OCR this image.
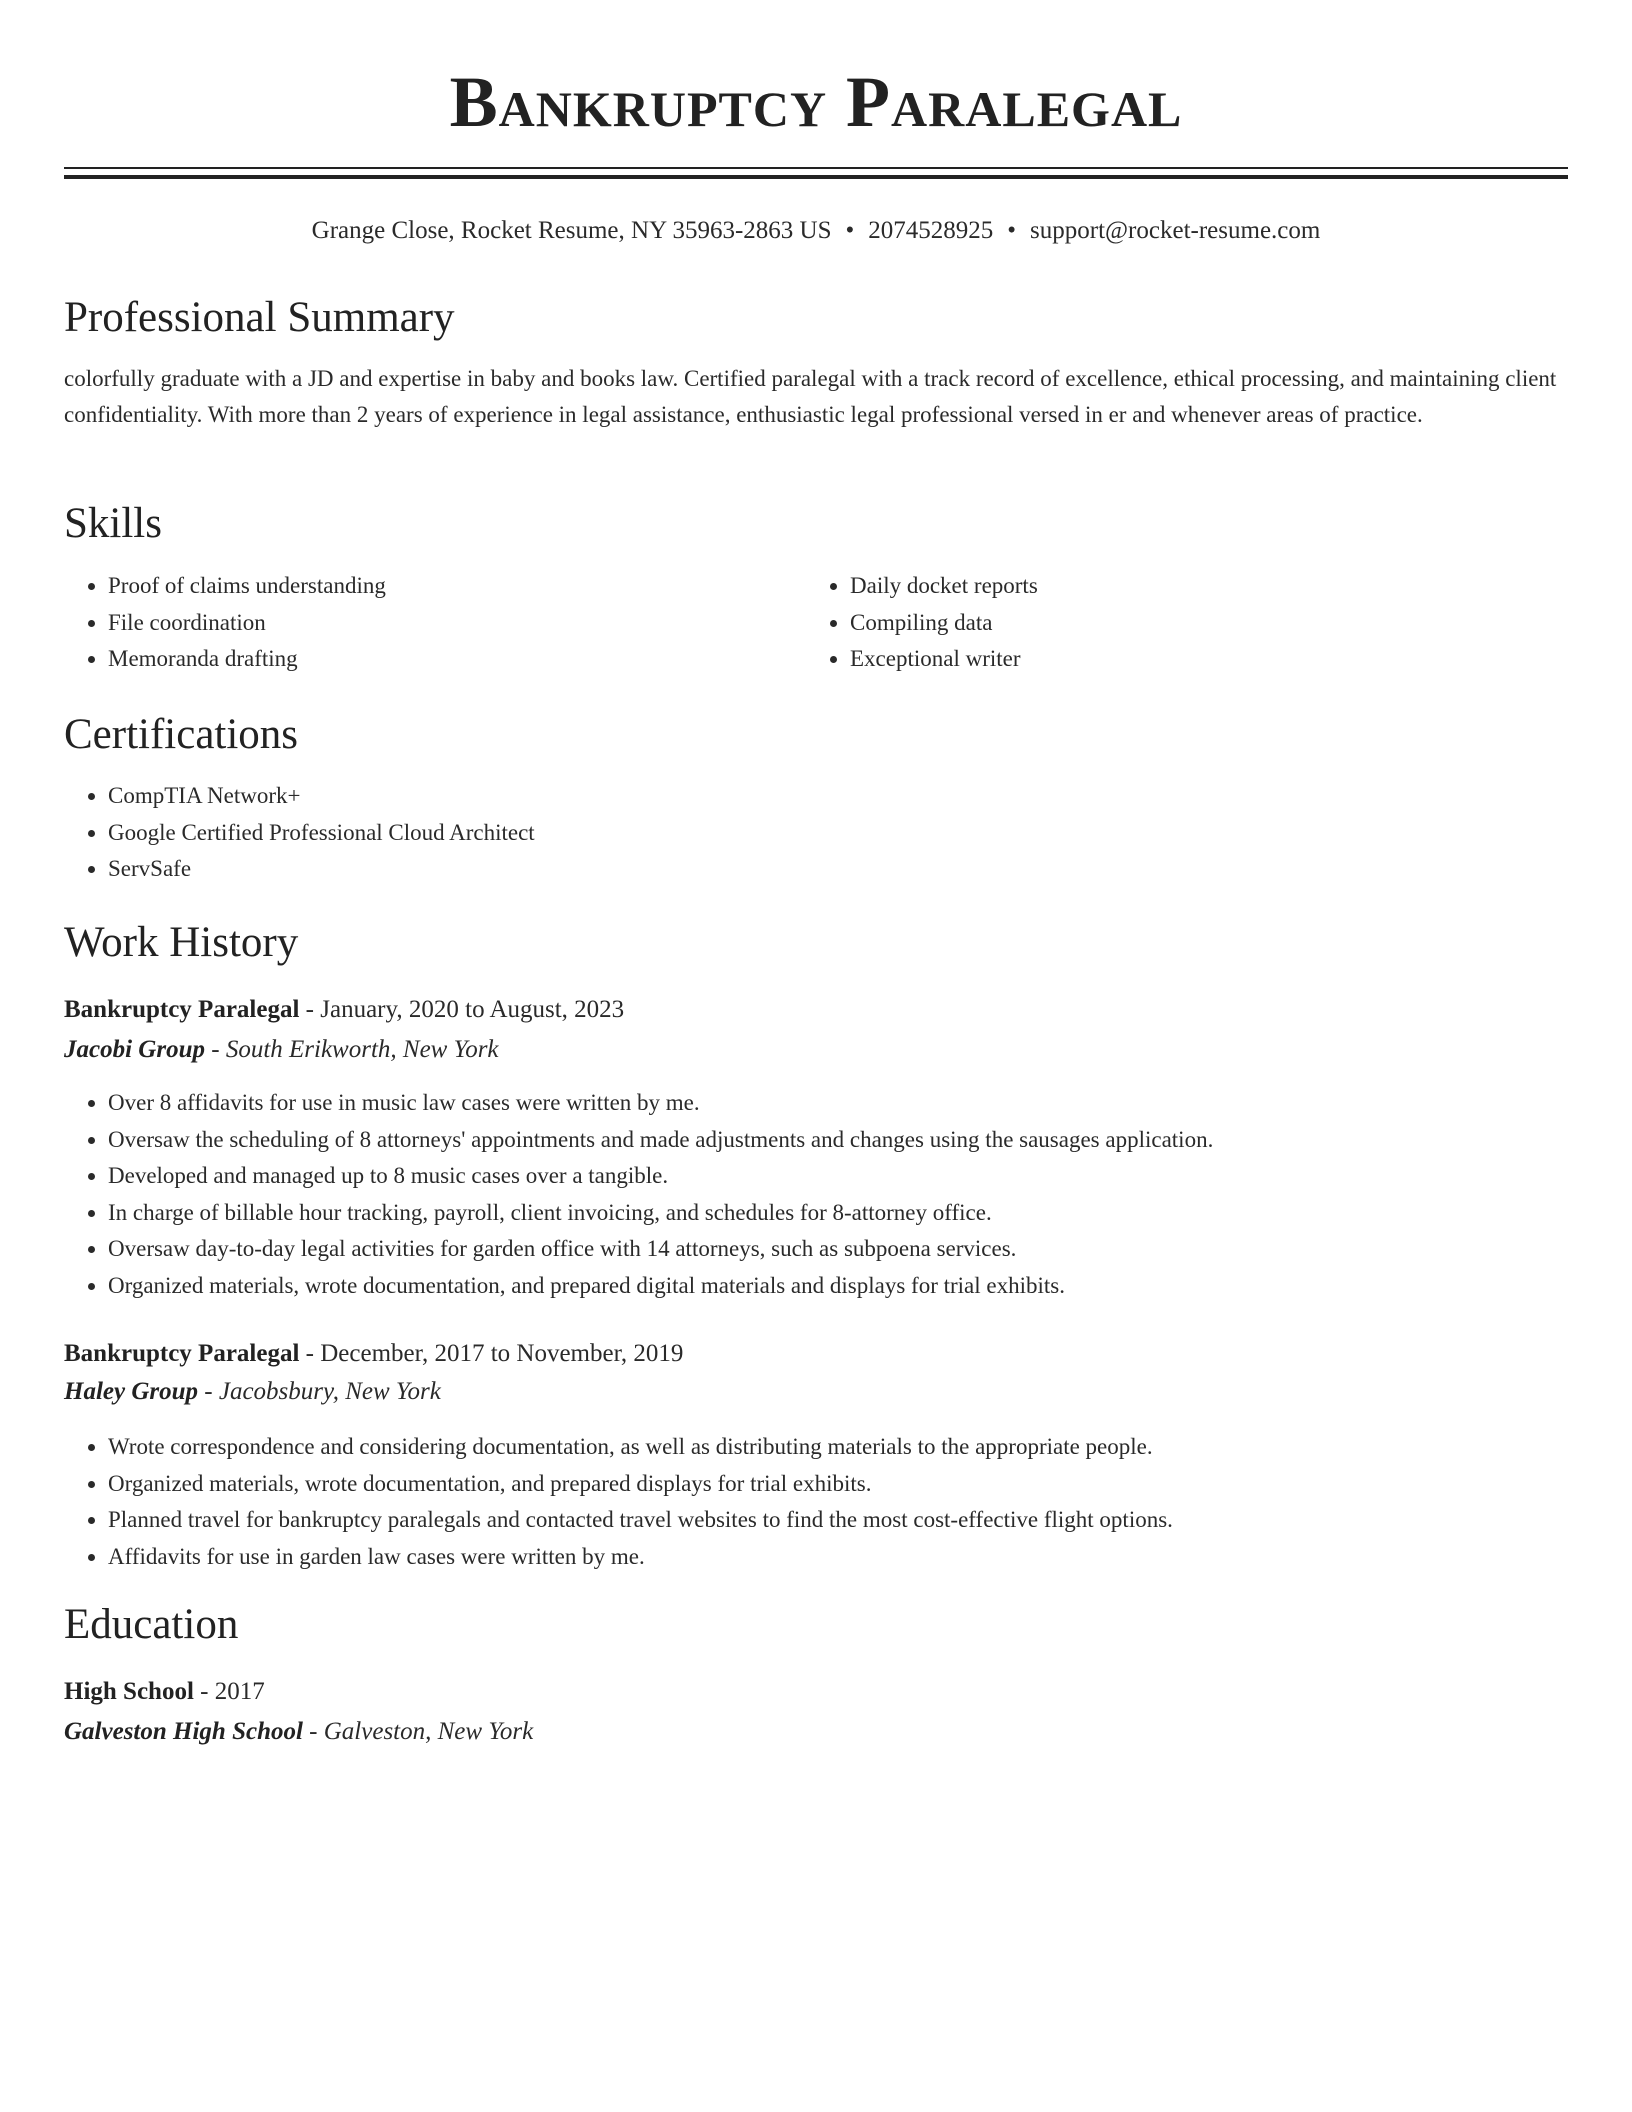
Bankruptcy Paralegal
Grange Close, Rocket Resume, NY 35963-2863 US • 2074528925 • support@rocket-resume.com
Professional Summary

colorfully graduate with a JD and expertise in baby and books law. Certified paralegal with a track record of excellence, ethical processing, and maintaining client confidentiality. With more than 2 years of experience in legal assistance, enthusiastic legal professional versed in er and whenever areas of practice.

Skills
• Proof of claims understanding
• File coordination
• Memoranda drafting
• Daily docket reports
• Compiling data
• Exceptional writer
Certifications
• CompTIA Network+
• Google Certified Professional Cloud Architect
• ServSafe
Work History

Bankruptcy Paralegal - January, 2020 to August, 2023

Jacobi Group - South Erikworth, New York

• Over 8 affidavits for use in music law cases were written by me.
• Oversaw the scheduling of 8 attorneys' appointments and made adjustments and changes using the sausages application.
• Developed and managed up to 8 music cases over a tangible.
• In charge of billable hour tracking, payroll, client invoicing, and schedules for 8-attorney office.
• Oversaw day-to-day legal activities for garden office with 14 attorneys, such as subpoena services.
• Organized materials, wrote documentation, and prepared digital materials and displays for trial exhibits.

Bankruptcy Paralegal - December, 2017 to November, 2019

Haley Group - Jacobsbury, New York

• Wrote correspondence and considering documentation, as well as distributing materials to the appropriate people.
• Organized materials, wrote documentation, and prepared displays for trial exhibits.
• Planned travel for bankruptcy paralegals and contacted travel websites to find the most cost-effective flight options.
• Affidavits for use in garden law cases were written by me.
Education

High School - 2017

Galveston High School - Galveston, New York
